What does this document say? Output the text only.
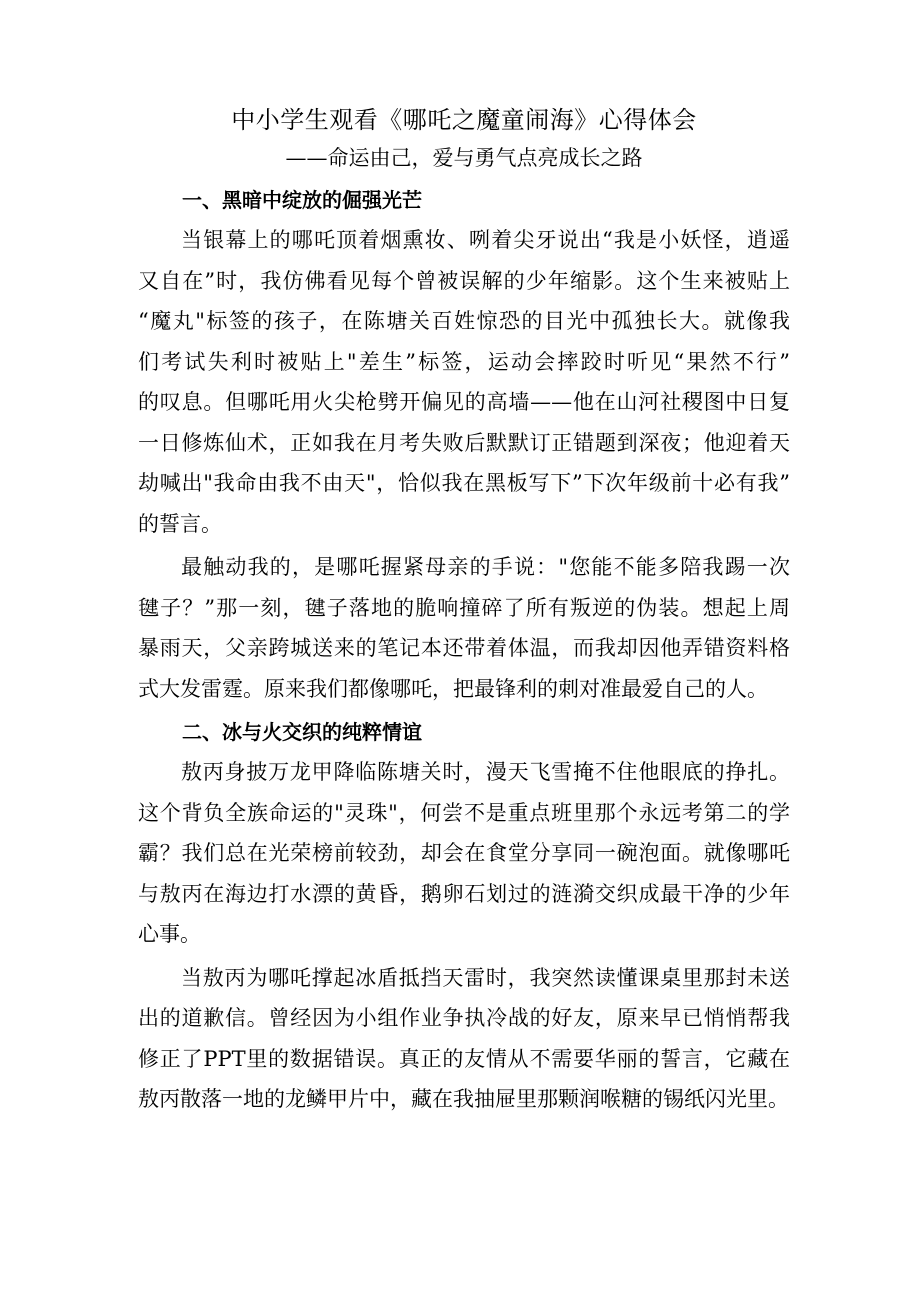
中小学生观看《哪吒之魔童闹海》心得体会
——命运由己，爱与勇气点亮成长之路
一、黑暗中绽放的倔强光芒

当银幕上的哪吒顶着烟熏妆、咧着尖牙说出“我是小妖怪，逍遥
又自在”时，我仿佛看见每个曾被误解的少年缩影。这个生来被贴上
“魔丸"标签的孩子，在陈塘关百姓惊恐的目光中孤独长大。就像我
们考试失利时被贴上"差生”标签，运动会摔跤时听见“果然不行”
的叹息。但哪吒用火尖枪劈开偏见的高墙——他在山河社稷图中日复
一日修炼仙术，正如我在月考失败后默默订正错题到深夜；他迎着天
劫喊出"我命由我不由天"，恰似我在黑板写下”下次年级前十必有我”
的誓言。

最触动我的，是哪吒握紧母亲的手说："您能不能多陪我踢一次
毽子？”那一刻，毽子落地的脆响撞碎了所有叛逆的伪装。想起上周
暴雨天，父亲跨城送来的笔记本还带着体温，而我却因他弄错资料格
式大发雷霆。原来我们都像哪吒，把最锋利的刺对准最爱自己的人。

二、冰与火交织的纯粹情谊

敖丙身披万龙甲降临陈塘关时，漫天飞雪掩不住他眼底的挣扎。
这个背负全族命运的"灵珠"，何尝不是重点班里那个永远考第二的学
霸？我们总在光荣榜前较劲，却会在食堂分享同一碗泡面。就像哪吒
与敖丙在海边打水漂的黄昏，鹅卵石划过的涟漪交织成最干净的少年
心事。

当敖丙为哪吒撑起冰盾抵挡天雷时，我突然读懂课桌里那封未送
出的道歉信。曾经因为小组作业争执冷战的好友，原来早已悄悄帮我
修正了PPT里的数据错误。真正的友情从不需要华丽的誓言，它藏在
敖丙散落一地的龙鳞甲片中，藏在我抽屉里那颗润喉糖的锡纸闪光里。
